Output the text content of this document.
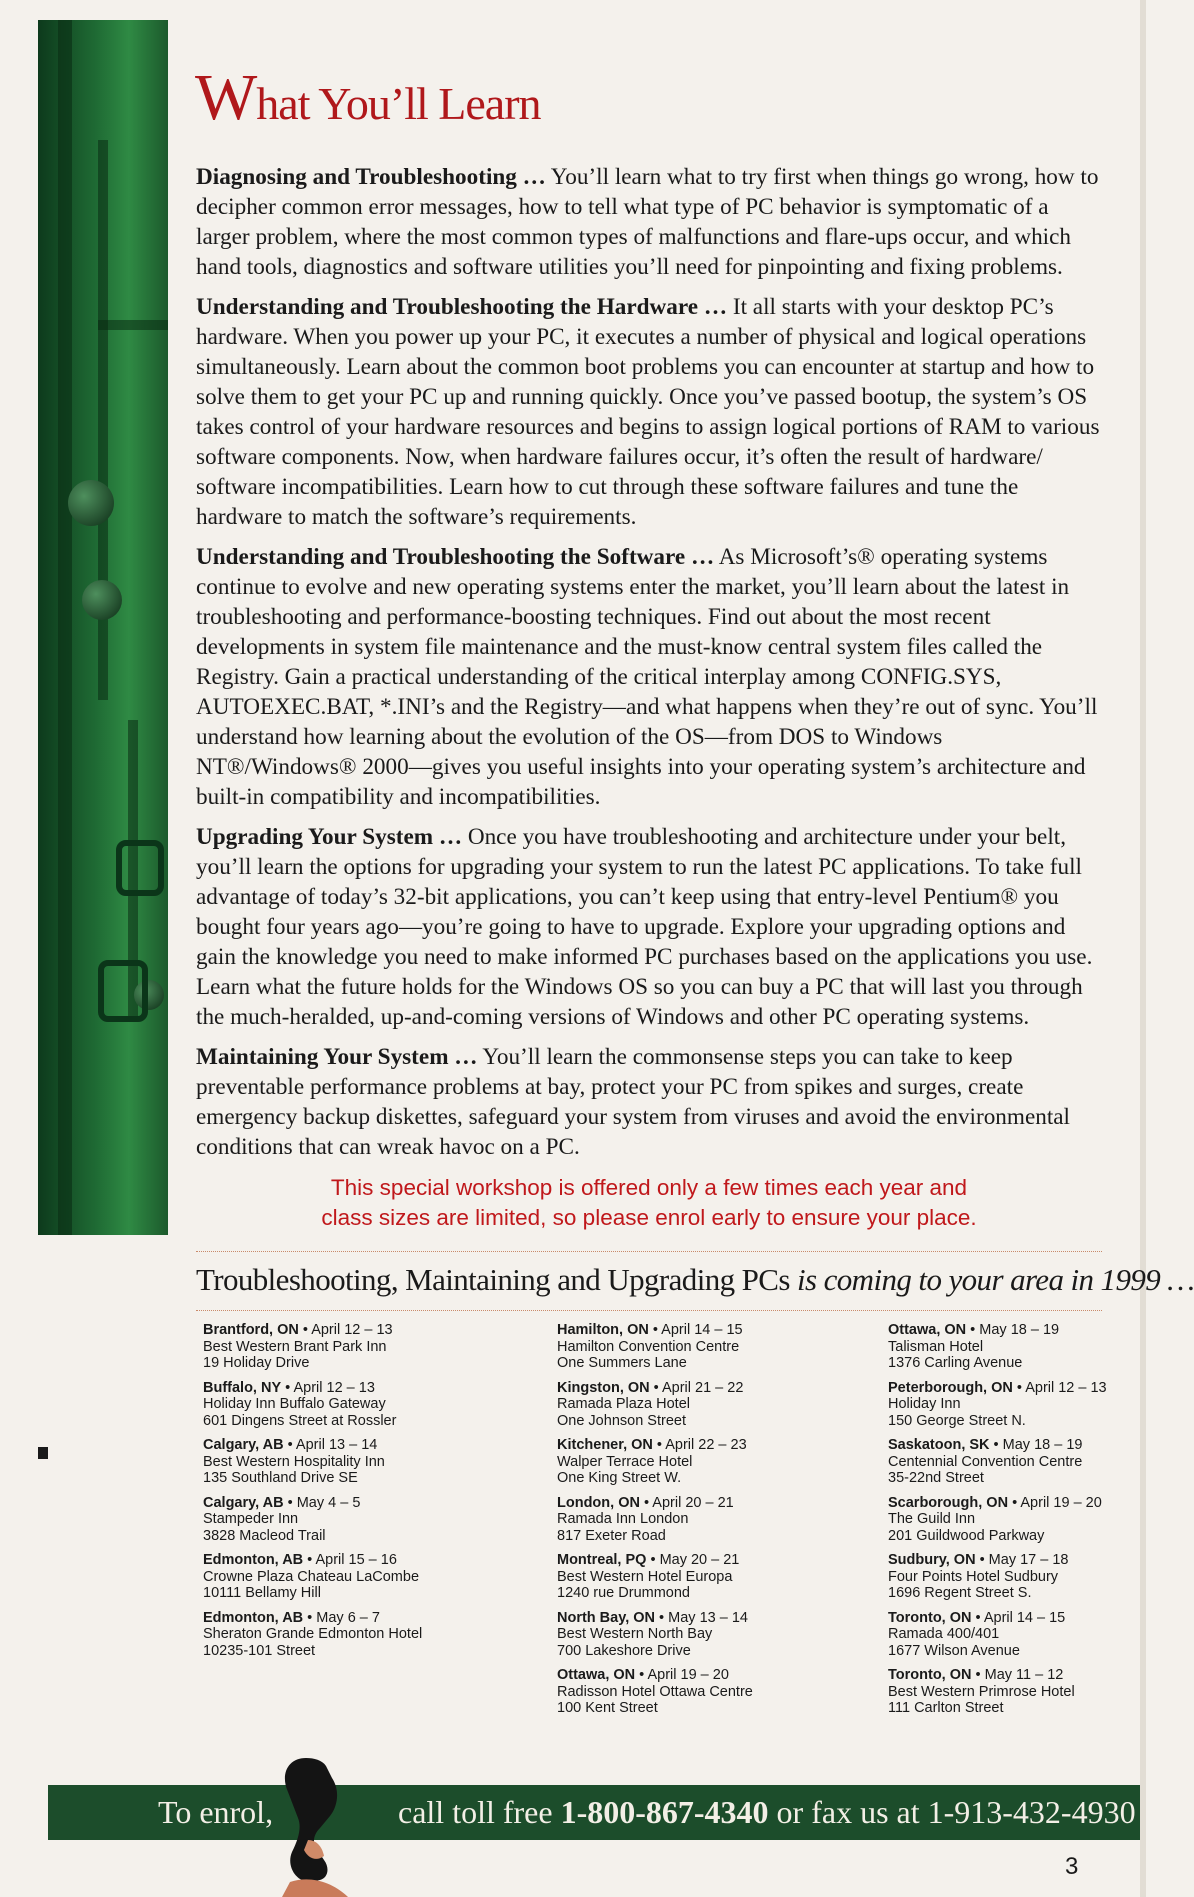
What You’ll Learn

Diagnosing and Troubleshooting … You’ll learn what to try first when things go wrong, how to decipher common error messages, how to tell what type of PC behavior is symptomatic of a larger problem, where the most common types of malfunctions and flare-ups occur, and which hand tools, diagnostics and software utilities you’ll need for pinpointing and fixing problems.

Understanding and Troubleshooting the Hardware … It all starts with your desktop PC’s hardware. When you power up your PC, it executes a number of physical and logical operations simultaneously. Learn about the common boot problems you can encounter at startup and how to solve them to get your PC up and running quickly. Once you’ve passed bootup, the system’s OS takes control of your hardware resources and begins to assign logical portions of RAM to various software components. Now, when hardware failures occur, it’s often the result of hardware/ software incompatibilities. Learn how to cut through these software failures and tune the hardware to match the software’s requirements.

Understanding and Troubleshooting the Software … As Microsoft’s® operating systems continue to evolve and new operating systems enter the market, you’ll learn about the latest in troubleshooting and performance-boosting techniques. Find out about the most recent developments in system file maintenance and the must-know central system files called the Registry. Gain a practical understanding of the critical interplay among CONFIG.SYS, AUTOEXEC.BAT, *.INI’s and the Registry—and what happens when they’re out of sync. You’ll understand how learning about the evolution of the OS—from DOS to Windows NT®/Windows® 2000—gives you useful insights into your operating system’s architecture and built-in compatibility and incompatibilities.

Upgrading Your System … Once you have troubleshooting and architecture under your belt, you’ll learn the options for upgrading your system to run the latest PC applications. To take full advantage of today’s 32-bit applications, you can’t keep using that entry-level Pentium® you bought four years ago—you’re going to have to upgrade. Explore your upgrading options and gain the knowledge you need to make informed PC purchases based on the applications you use. Learn what the future holds for the Windows OS so you can buy a PC that will last you through the much-heralded, up-and-coming versions of Windows and other PC operating systems.

Maintaining Your System … You’ll learn the commonsense steps you can take to keep preventable performance problems at bay, protect your PC from spikes and surges, create emergency backup diskettes, safeguard your system from viruses and avoid the environmental conditions that can wreak havoc on a PC.

This special workshop is offered only a few times each year and
class sizes are limited, so please enrol early to ensure your place.
Troubleshooting, Maintaining and Upgrading PCs is coming to your area in 1999 …
Brantford, ON • April 12 – 13
Best Western Brant Park Inn
19 Holiday Drive
Buffalo, NY • April 12 – 13
Holiday Inn Buffalo Gateway
601 Dingens Street at Rossler
Calgary, AB • April 13 – 14
Best Western Hospitality Inn
135 Southland Drive SE
Calgary, AB • May 4 – 5
Stampeder Inn
3828 Macleod Trail
Edmonton, AB • April 15 – 16
Crowne Plaza Chateau LaCombe
10111 Bellamy Hill
Edmonton, AB • May 6 – 7
Sheraton Grande Edmonton Hotel
10235-101 Street
Hamilton, ON • April 14 – 15
Hamilton Convention Centre
One Summers Lane
Kingston, ON • April 21 – 22
Ramada Plaza Hotel
One Johnson Street
Kitchener, ON • April 22 – 23
Walper Terrace Hotel
One King Street W.
London, ON • April 20 – 21
Ramada Inn London
817 Exeter Road
Montreal, PQ • May 20 – 21
Best Western Hotel Europa
1240 rue Drummond
North Bay, ON • May 13 – 14
Best Western North Bay
700 Lakeshore Drive
Ottawa, ON • April 19 – 20
Radisson Hotel Ottawa Centre
100 Kent Street
Ottawa, ON • May 18 – 19
Talisman Hotel
1376 Carling Avenue
Peterborough, ON • April 12 – 13
Holiday Inn
150 George Street N.
Saskatoon, SK • May 18 – 19
Centennial Convention Centre
35-22nd Street
Scarborough, ON • April 19 – 20
The Guild Inn
201 Guildwood Parkway
Sudbury, ON • May 17 – 18
Four Points Hotel Sudbury
1696 Regent Street S.
Toronto, ON • April 14 – 15
Ramada 400/401
1677 Wilson Avenue
Toronto, ON • May 11 – 12
Best Western Primrose Hotel
111 Carlton Street
To enrol,	call toll free 1-800-867-4340 or fax us at 1-913-432-4930
3
